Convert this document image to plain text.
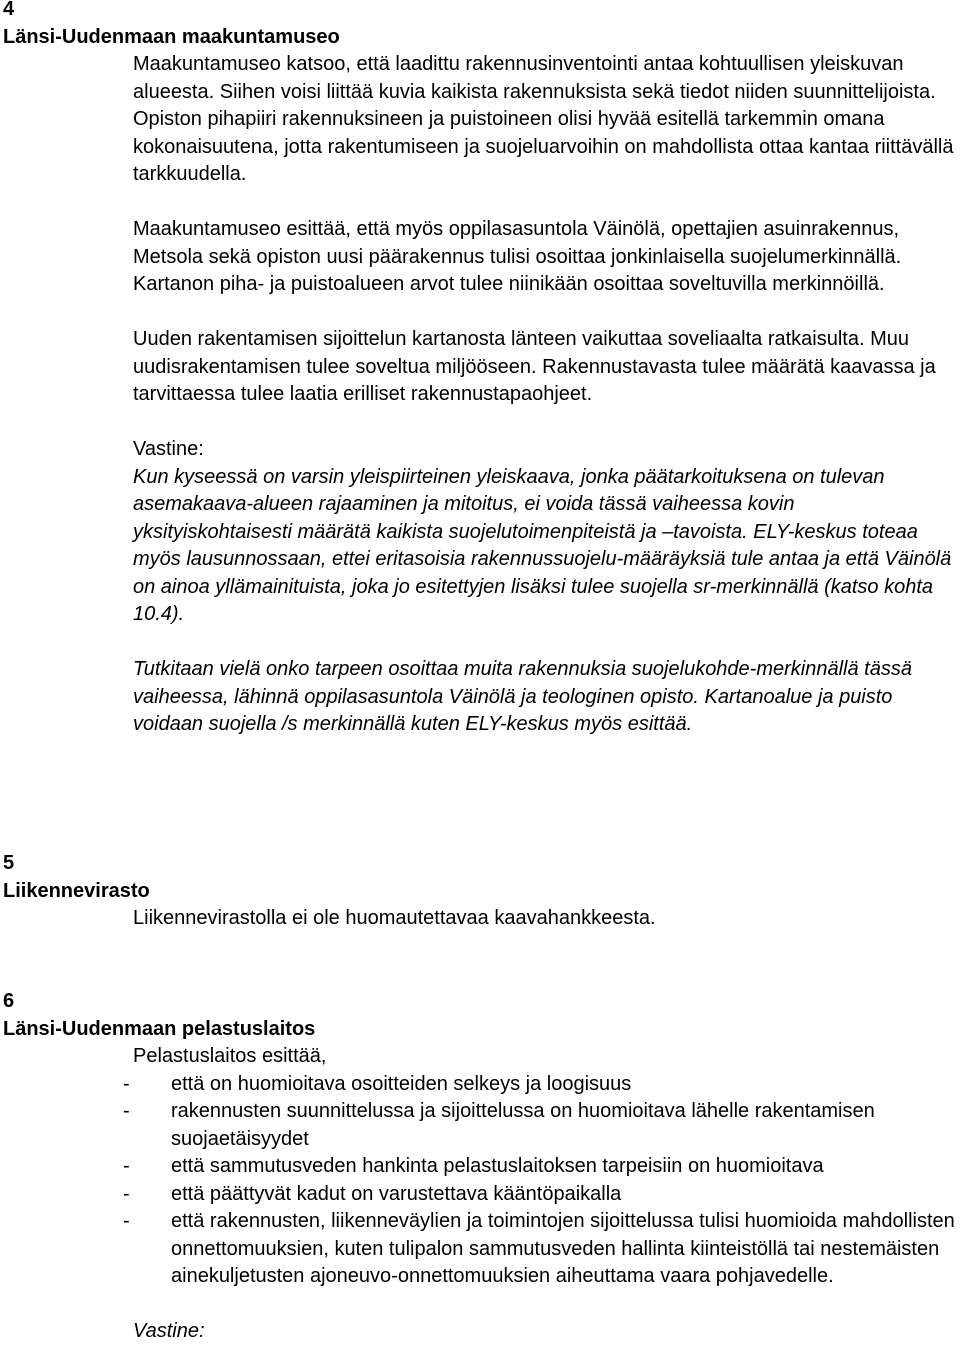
4

Länsi-Uudenmaan maakuntamuseo

Maakuntamuseo katsoo, että laadittu rakennusinventointi antaa kohtuullisen yleiskuvan alueesta. Siihen voisi liittää kuvia kaikista rakennuksista sekä tiedot niiden suunnittelijoista. Opiston pihapiiri rakennuksineen ja puistoineen olisi hyvää esitellä tarkemmin omana kokonaisuutena, jotta rakentumiseen ja suojeluarvoihin on mahdollista ottaa kantaa riittävällä tarkkuudella.

Maakuntamuseo esittää, että myös oppilasasuntola Väinölä, opettajien asuinrakennus, Metsola sekä opiston uusi päärakennus tulisi osoittaa jonkinlaisella suojelumerkinnällä. Kartanon piha- ja puistoalueen arvot tulee niinikään osoittaa soveltuvilla merkinnöillä.

Uuden rakentamisen sijoittelun kartanosta länteen vaikuttaa soveliaalta ratkaisulta. Muu uudisrakentamisen tulee soveltua miljööseen. Rakennustavasta tulee määrätä kaavassa ja tarvittaessa tulee laatia erilliset rakennustapaohjeet.

Vastine:

Kun kyseessä on varsin yleispiirteinen yleiskaava, jonka päätarkoituksena on tulevan asemakaava-alueen rajaaminen ja mitoitus, ei voida tässä vaiheessa kovin yksityiskohtaisesti määrätä kaikista suojelutoimenpiteistä ja –tavoista. ELY-keskus toteaa myös lausunnossaan, ettei eritasoisia rakennussuojelu-määräyksiä tule antaa ja että Väinölä on ainoa yllämainituista, joka jo esitettyjen lisäksi tulee suojella sr-merkinnällä (katso kohta 10.4).

Tutkitaan vielä onko tarpeen osoittaa muita rakennuksia suojelukohde-merkinnällä tässä vaiheessa, lähinnä oppilasasuntola Väinölä ja teologinen opisto. Kartanoalue ja puisto voidaan suojella /s merkinnällä kuten ELY-keskus myös esittää.

5

Liikennevirasto

Liikennevirastolla ei ole huomautettavaa kaavahankkeesta.

6

Länsi-Uudenmaan pelastuslaitos

Pelastuslaitos esittää,

- että on huomioitava osoitteiden selkeys ja loogisuus
- rakennusten suunnittelussa ja sijoittelussa on huomioitava lähelle rakentamisen suojaetäisyydet
- että sammutusveden hankinta pelastuslaitoksen tarpeisiin on huomioitava
- että päättyvät kadut on varustettava kääntöpaikalla
- että rakennusten, liikenneväylien ja toimintojen sijoittelussa tulisi huomioida mahdollisten onnettomuuksien, kuten tulipalon sammutusveden hallinta kiinteistöllä tai nestemäisten ainekuljetusten ajoneuvo-onnettomuuksien aiheuttama vaara pohjavedelle.

Vastine:
